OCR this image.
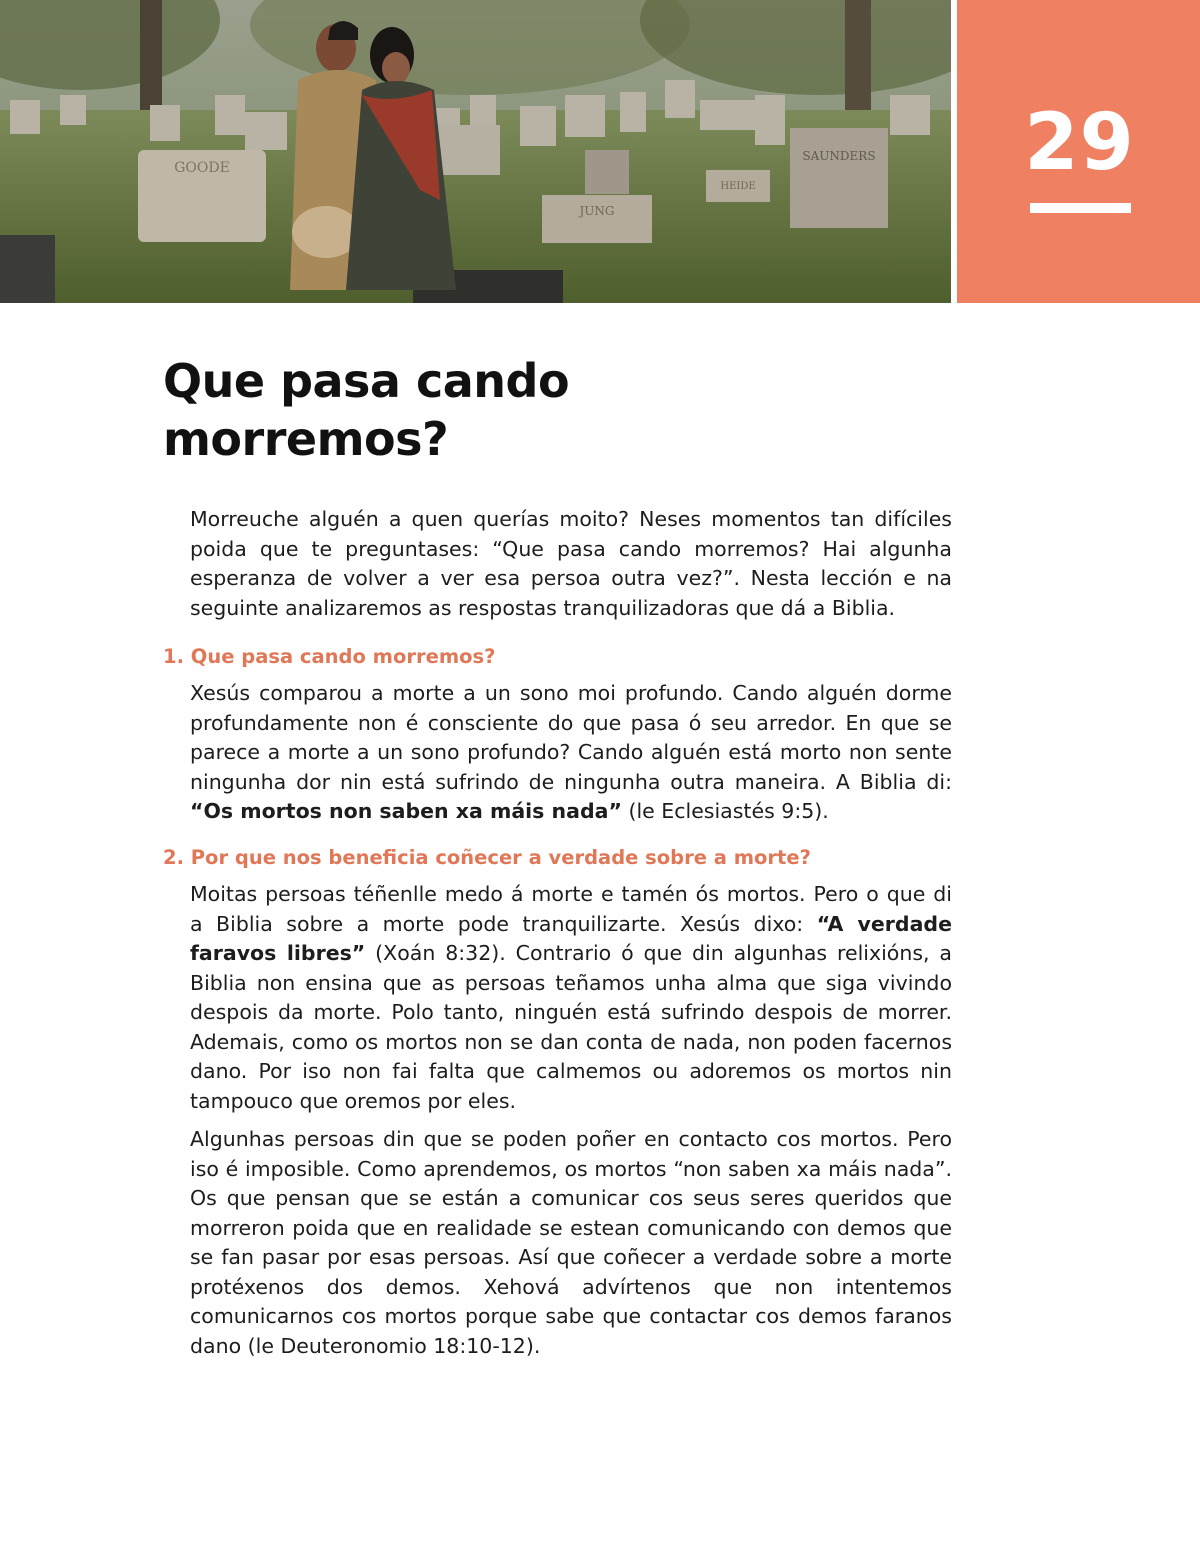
GOODE
JUNG
HEIDE
SAUNDERS	29
Que pasa cando morremos?

Morreuche alguén a quen querías moito? Neses momentos tan difíciles poida que te preguntases: “Que pasa cando morremos? Hai algunha esperanza de volver a ver esa persoa outra vez?”. Nesta lección e na seguinte analizaremos as respostas tranquilizadoras que dá a Biblia.

1. Que pasa cando morremos?

Xesús comparou a morte a un sono moi profundo. Cando alguén dorme profundamente non é consciente do que pasa ó seu arredor. En que se parece a morte a un sono profundo? Cando alguén está morto non sente ningunha dor nin está sufrindo de ningunha outra maneira. A Biblia di: “Os mortos non saben xa máis nada” (le Eclesiastés 9:5).

2. Por que nos beneficia coñecer a verdade sobre a morte?

Moitas persoas téñenlle medo á morte e tamén ós mortos. Pero o que di a Biblia sobre a morte pode tranquilizarte. Xesús dixo: “A verdade faravos libres” (Xoán 8:32). Contrario ó que din algunhas relixións, a Biblia non ensina que as persoas teñamos unha alma que siga vivindo despois da morte. Polo tanto, ninguén está sufrindo despois de morrer. Ademais, como os mortos non se dan conta de nada, non poden facernos dano. Por iso non fai falta que calmemos ou adoremos os mortos nin tampouco que oremos por eles.

Algunhas persoas din que se poden poñer en contacto cos mortos. Pero iso é imposible. Como aprendemos, os mortos “non saben xa máis nada”. Os que pensan que se están a comunicar cos seus seres queridos que morreron poida que en realidade se estean comunicando con demos que se fan pasar por esas persoas. Así que coñecer a verdade sobre a morte protéxenos dos demos. Xehová advírtenos que non intentemos comunicarnos cos mortos porque sabe que contactar cos demos faranos dano (le Deuteronomio 18:10-12).
